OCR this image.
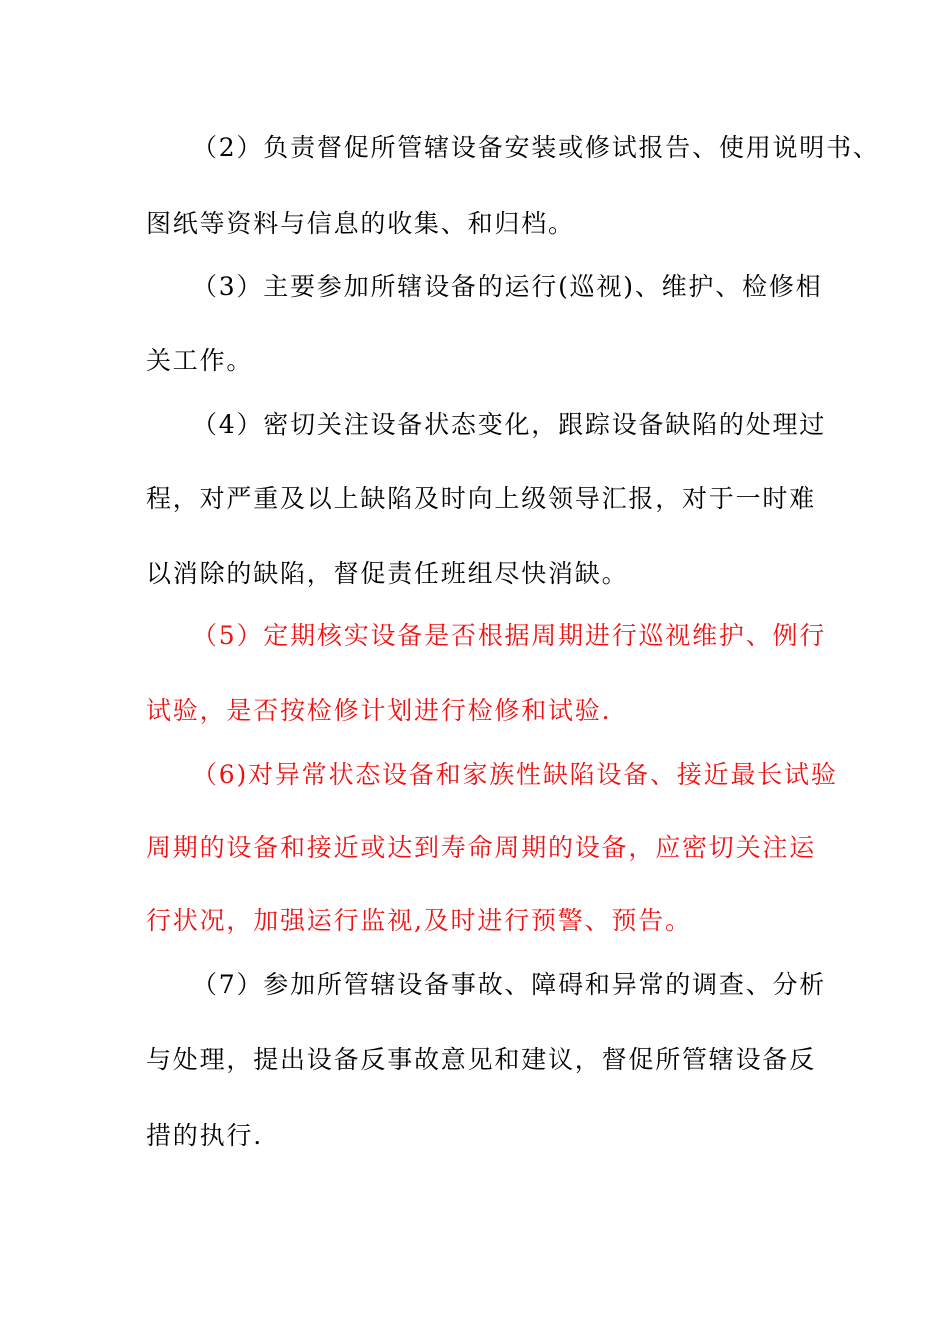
（2）负责督促所管辖设备安装或修试报告、使用说明书、
图纸等资料与信息的收集、和归档。
（3）主要参加所辖设备的运行(巡视)、维护、检修相
关工作。
（4）密切关注设备状态变化，跟踪设备缺陷的处理过
程，对严重及以上缺陷及时向上级领导汇报，对于一时难
以消除的缺陷，督促责任班组尽快消缺。
（5）定期核实设备是否根据周期进行巡视维护、例行
试验，是否按检修计划进行检修和试验.
（6)对异常状态设备和家族性缺陷设备、接近最长试验
周期的设备和接近或达到寿命周期的设备，应密切关注运
行状况，加强运行监视,及时进行预警、预告。
（7）参加所管辖设备事故、障碍和异常的调查、分析
与处理，提出设备反事故意见和建议，督促所管辖设备反
措的执行.
